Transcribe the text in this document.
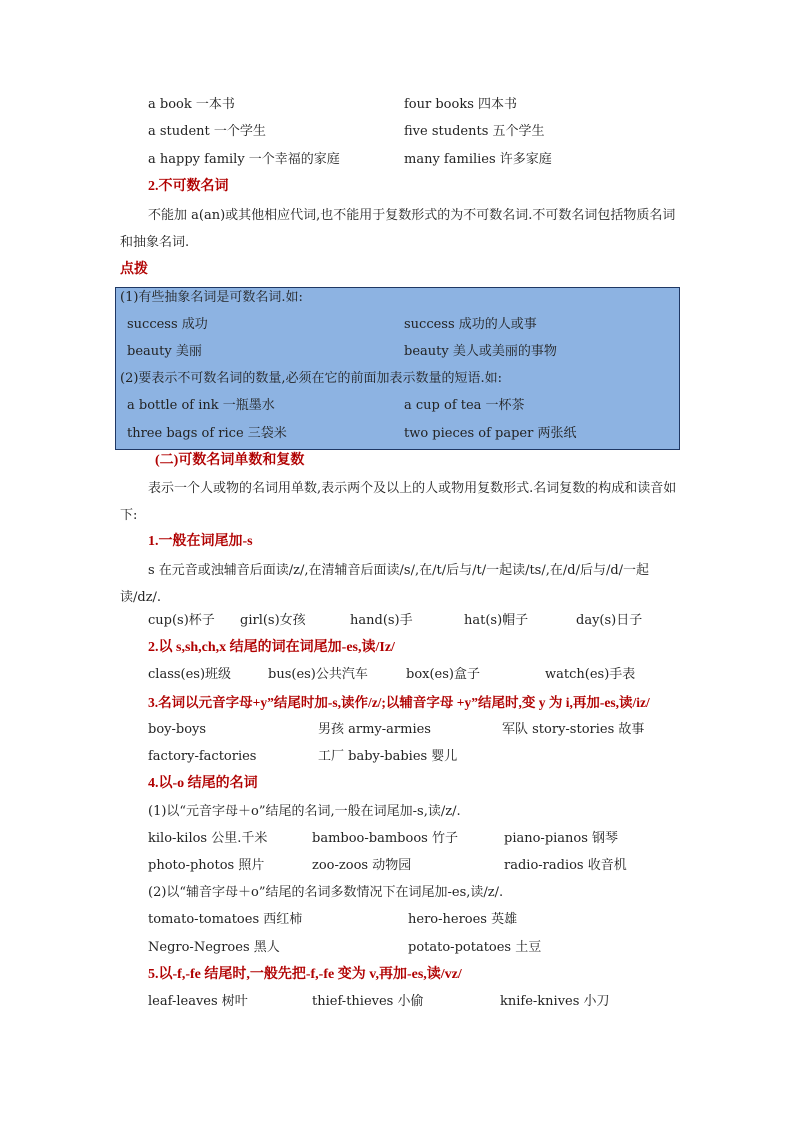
a book 一本书	four books 四本书
a student 一个学生	five students 五个学生
a happy family 一个幸福的家庭	many families 许多家庭
2.不可数名词
不能加 a(an)或其他相应代词,也不能用于复数形式的为不可数名词.不可数名词包括物质名词和抽象名词.
点拨
(1)有些抽象名词是可数名词.如:
success 成功	success 成功的人或事
beauty 美丽	beauty 美人或美丽的事物
(2)要表示不可数名词的数量,必须在它的前面加表示数量的短语.如:
a bottle of ink 一瓶墨水	a cup of tea 一杯茶
three bags of rice 三袋米	two pieces of paper 两张纸
(二)可数名词单数和复数
表示一个人或物的名词用单数,表示两个及以上的人或物用复数形式.名词复数的构成和读音如下:
1.一般在词尾加-s
s 在元音或浊辅音后面读/z/,在清辅音后面读/s/,在/t/后与/t/一起读/ts/,在/d/后与/d/一起读/dz/.
cup(s)杯子 girl(s)女孩	hand(s)手	hat(s)帽子	day(s)日子
2.以 s,sh,ch,x 结尾的词在词尾加-es,读/Iz/
class(es)班级	bus(es)公共汽车	box(es)盒子	watch(es)手表
3.名词以元音字母+y”结尾时加-s,读作/z/;以辅音字母 +y”结尾时,变 y 为 i,再加-es,读/iz/
boy-boys	男孩 army-armies	军队 story-stories 故事
factory-factories	工厂 baby-babies 婴儿
4.以-o 结尾的名词
(1)以“元音字母＋o”结尾的名词,一般在词尾加-s,读/z/.
kilo-kilos 公里.千米	bamboo-bamboos 竹子	piano-pianos 钢琴
photo-photos 照片	zoo-zoos 动物园	radio-radios 收音机
(2)以“辅音字母＋o”结尾的名词多数情况下在词尾加-es,读/z/.
tomato-tomatoes 西红柿	hero-heroes 英雄
Negro-Negroes 黑人	potato-potatoes 土豆
5.以-f,-fe 结尾时,一般先把-f,-fe 变为 v,再加-es,读/vz/
leaf-leaves 树叶	thief-thieves 小偷	knife-knives 小刀
